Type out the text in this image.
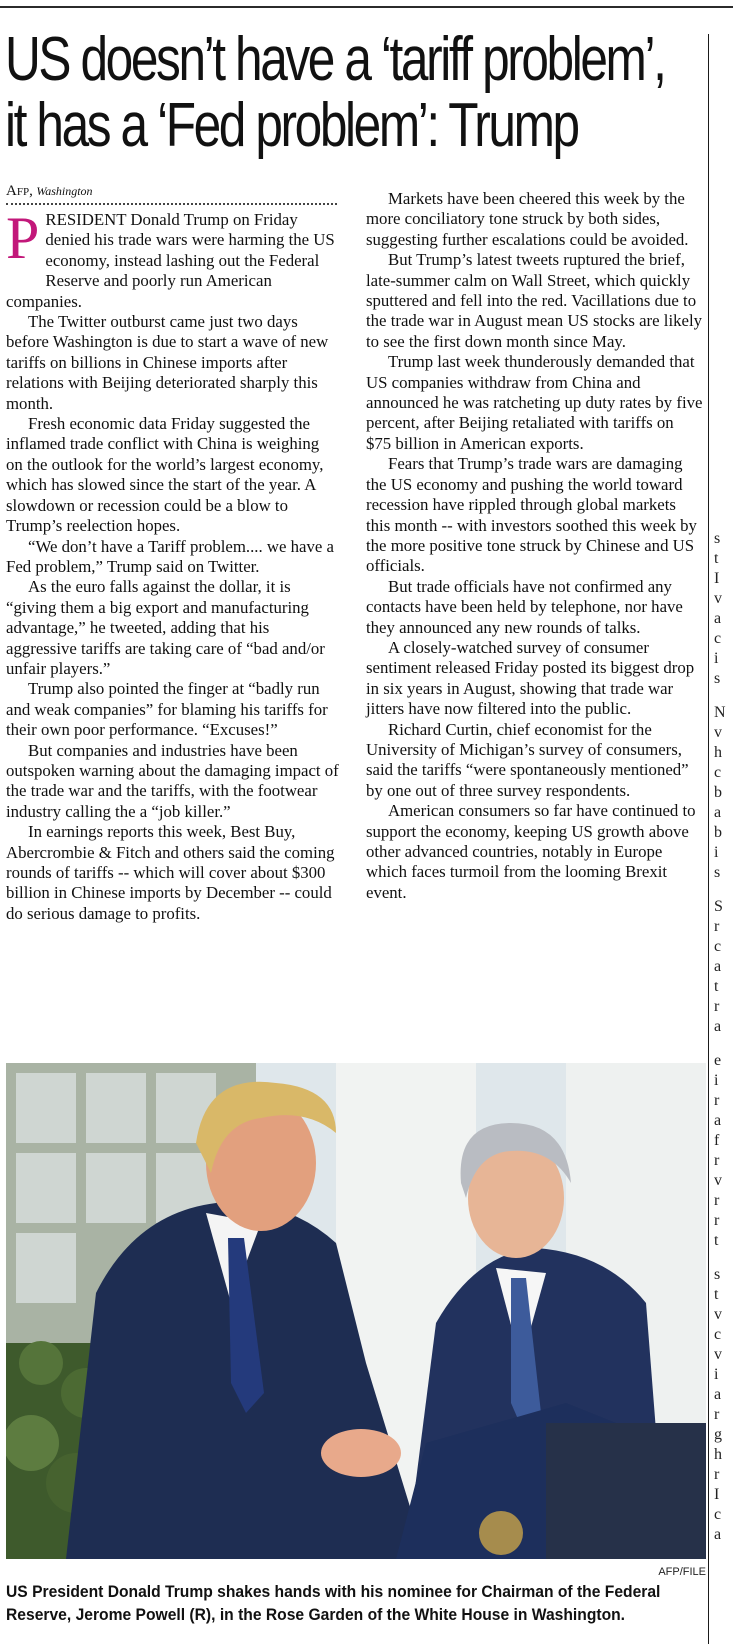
US doesn’t have a ‘tariff problem’,
it has a ‘Fed problem’: Trump
Afp, Washington

PRESIDENT Donald Trump on Friday denied his trade wars were harming the US economy, instead lashing out the Federal Reserve and poorly run American companies.

The Twitter outburst came just two days before Washington is due to start a wave of new tariffs on billions in Chinese imports after relations with Beijing deteriorated sharply this month.

Fresh economic data Friday suggested the inflamed trade conflict with China is weighing on the outlook for the world’s largest economy, which has slowed since the start of the year. A slowdown or recession could be a blow to Trump’s reelection hopes.

“We don’t have a Tariff problem.... we have a Fed problem,” Trump said on Twitter.

As the euro falls against the dollar, it is “giving them a big export and manufacturing advantage,” he tweeted, adding that his aggressive tariffs are taking care of “bad and/or unfair players.”

Trump also pointed the finger at “badly run and weak companies” for blaming his tariffs for their own poor performance. “Excuses!”

But companies and industries have been outspoken warning about the damaging impact of the trade war and the tariffs, with the footwear industry calling the a “job killer.”

In earnings reports this week, Best Buy, Abercrombie & Fitch and others said the coming rounds of tariffs -- which will cover about $300 billion in Chinese imports by December -- could do serious damage to profits.

Markets have been cheered this week by the more conciliatory tone struck by both sides, suggesting further escalations could be avoided.

But Trump’s latest tweets ruptured the brief, late-summer calm on Wall Street, which quickly sputtered and fell into the red. Vacillations due to the trade war in August mean US stocks are likely to see the first down month since May.

Trump last week thunderously demanded that US companies withdraw from China and announced he was ratcheting up duty rates by five percent, after Beijing retaliated with tariffs on $75 billion in American exports.

Fears that Trump’s trade wars are damaging the US economy and pushing the world toward recession have rippled through global markets this month -- with investors soothed this week by the more positive tone struck by Chinese and US officials.

But trade officials have not confirmed any contacts have been held by telephone, nor have they announced any new rounds of talks.

A closely-watched survey of consumer sentiment released Friday posted its biggest drop in six years in August, showing that trade war jitters have now filtered into the public.

Richard Curtin, chief economist for the University of Michigan’s survey of consumers, said the tariffs “were spontaneously mentioned” by one out of three survey respondents.

American consumers so far have continued to support the economy, keeping US growth above other advanced countries, notably in Europe which faces turmoil from the looming Brexit event.

AFP/FILE

US President Donald Trump shakes hands with his nominee for Chairman of the Federal
Reserve, Jerome Powell (R), in the Rose Garden of the White House in Washington.

s
t
I
v
a
c
i
s
N
v
h
c
b
a
b
i
s
S
r
c
a
t
r
a
e
i
r
a
f
r
v
r
r
t
s
t
v
c
v
i
a
r
g
h
r
I
c
a
